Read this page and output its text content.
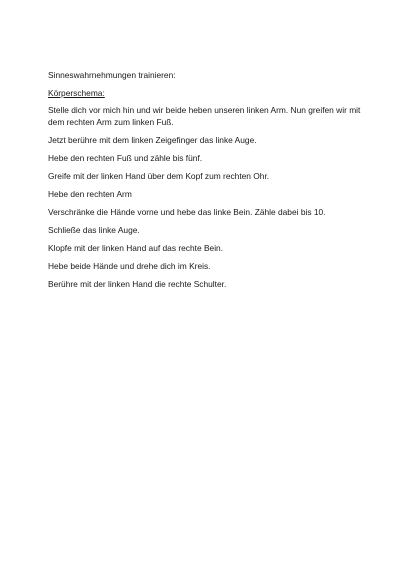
Sinneswahrnehmungen trainieren:

Körperschema:

Stelle dich vor mich hin und wir beide heben unseren linken Arm. Nun greifen wir mit dem rechten Arm zum linken Fuß.

Jetzt berühre mit dem linken Zeigefinger das linke Auge.

Hebe den rechten Fuß und zähle bis fünf.

Greife mit der linken Hand über dem Kopf zum rechten Ohr.

Hebe den rechten Arm

Verschränke die Hände vorne und hebe das linke Bein. Zähle dabei bis 10.

Schließe das linke Auge.

Klopfe mit der linken Hand auf das rechte Bein.

Hebe beide Hände und drehe dich im Kreis.

Berühre mit der linken Hand die rechte Schulter.
